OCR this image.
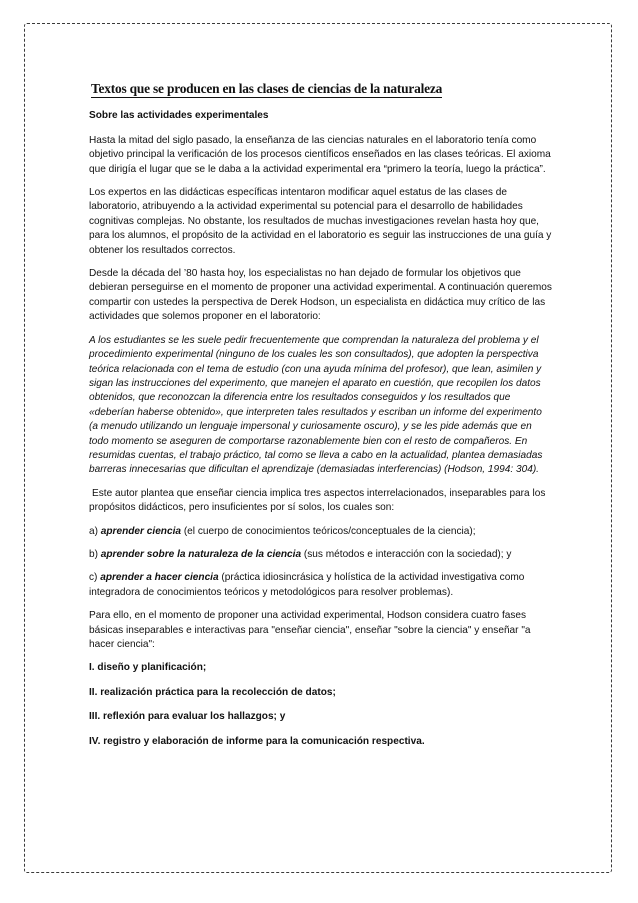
Textos que se producen en las clases de ciencias de la naturaleza
Sobre las actividades experimentales

Hasta la mitad del siglo pasado, la enseñanza de las ciencias naturales en el laboratorio tenía como objetivo principal la verificación de los procesos científicos enseñados en las clases teóricas. El axioma que dirigía el lugar que se le daba a la actividad experimental era “primero la teoría, luego la práctica”.

Los expertos en las didácticas específicas intentaron modificar aquel estatus de las clases de laboratorio, atribuyendo a la actividad experimental su potencial para el desarrollo de habilidades cognitivas complejas. No obstante, los resultados de muchas investigaciones revelan hasta hoy que, para los alumnos, el propósito de la actividad en el laboratorio es seguir las instrucciones de una guía y obtener los resultados correctos.

Desde la década del ’80 hasta hoy, los especialistas no han dejado de formular los objetivos que debieran perseguirse en el momento de proponer una actividad experimental. A continuación queremos compartir con ustedes la perspectiva de Derek Hodson, un especialista en didáctica muy crítico de las actividades que solemos proponer en el laboratorio:

A los estudiantes se les suele pedir frecuentemente que comprendan la naturaleza del problema y el procedimiento experimental (ninguno de los cuales les son consultados), que adopten la perspectiva teórica relacionada con el tema de estudio (con una ayuda mínima del profesor), que lean, asimilen y sigan las instrucciones del experimento, que manejen el aparato en cuestión, que recopilen los datos obtenidos, que reconozcan la diferencia entre los resultados conseguidos y los resultados que «deberían haberse obtenido», que interpreten tales resultados y escriban un informe del experimento (a menudo utilizando un lenguaje impersonal y curiosamente oscuro), y se les pide además que en todo momento se aseguren de comportarse razonablemente bien con el resto de compañeros. En resumidas cuentas, el trabajo práctico, tal como se lleva a cabo en la actualidad, plantea demasiadas barreras innecesarias que dificultan el aprendizaje (demasiadas interferencias) (Hodson, 1994: 304).

Este autor plantea que enseñar ciencia implica tres aspectos interrelacionados, inseparables para los propósitos didácticos, pero insuficientes por sí solos, los cuales son:

a) aprender ciencia (el cuerpo de conocimientos teóricos/conceptuales de la ciencia);

b) aprender sobre la naturaleza de la ciencia (sus métodos e interacción con la sociedad); y

c) aprender a hacer ciencia (práctica idiosincrásica y holística de la actividad investigativa como integradora de conocimientos teóricos y metodológicos para resolver problemas).

Para ello, en el momento de proponer una actividad experimental, Hodson considera cuatro fases básicas inseparables e interactivas para "enseñar ciencia", enseñar "sobre la ciencia" y enseñar "a hacer ciencia":

I. diseño y planificación;
II. realización práctica para la recolección de datos;
III. reflexión para evaluar los hallazgos; y
IV. registro y elaboración de informe para la comunicación respectiva.
